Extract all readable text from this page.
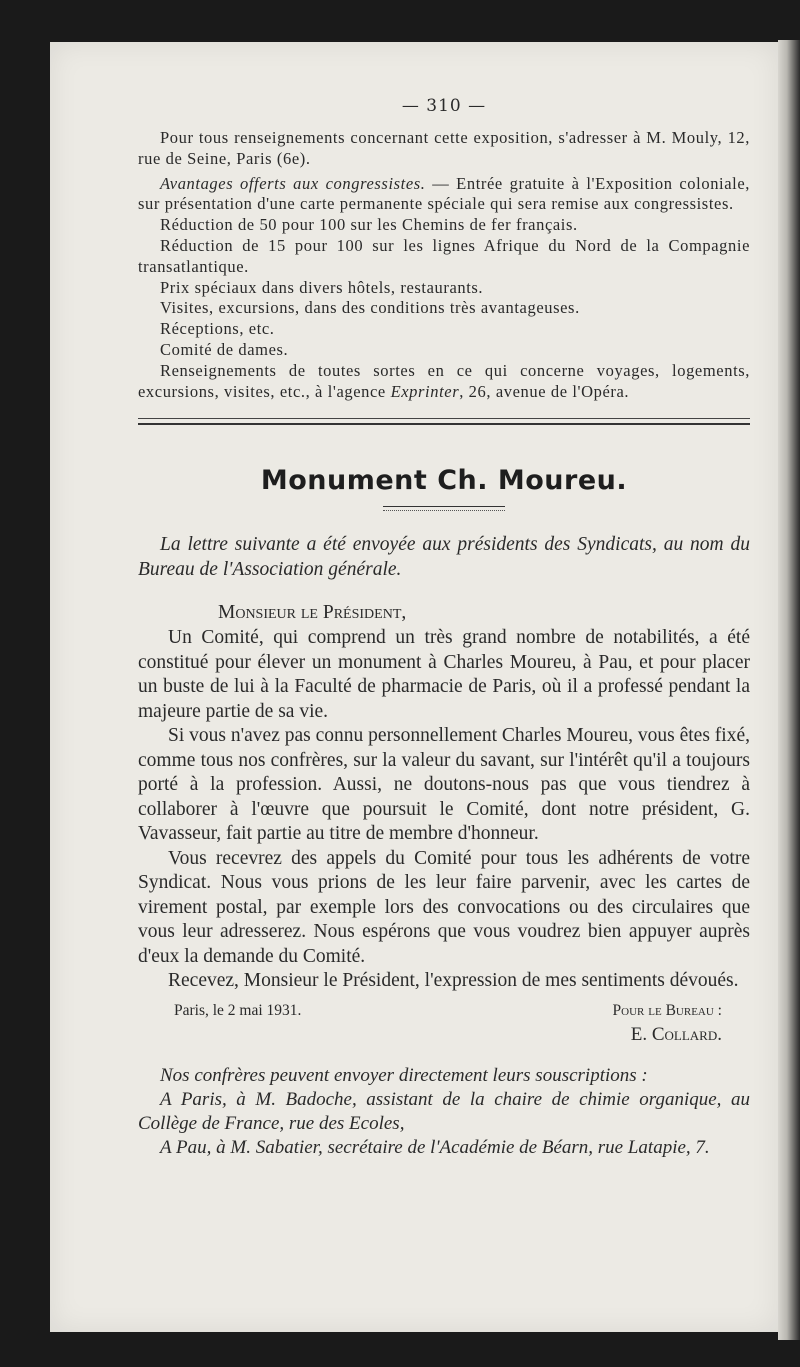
— 310 —

Pour tous renseignements concernant cette exposition, s'adresser à M. Mouly, 12, rue de Seine, Paris (6e).

Avantages offerts aux congressistes. — Entrée gratuite à l'Exposition coloniale, sur présentation d'une carte permanente spéciale qui sera remise aux congressistes.

Réduction de 50 pour 100 sur les Chemins de fer français.

Réduction de 15 pour 100 sur les lignes Afrique du Nord de la Compagnie transatlantique.

Prix spéciaux dans divers hôtels, restaurants.

Visites, excursions, dans des conditions très avantageuses.

Réceptions, etc.

Comité de dames.

Renseignements de toutes sortes en ce qui concerne voyages, logements, excursions, visites, etc., à l'agence Exprinter, 26, avenue de l'Opéra.

Monument Ch. Moureu.

La lettre suivante a été envoyée aux présidents des Syndicats, au nom du Bureau de l'Association générale.

Monsieur le Président,

Un Comité, qui comprend un très grand nombre de notabilités, a été constitué pour élever un monument à Charles Moureu, à Pau, et pour placer un buste de lui à la Faculté de pharmacie de Paris, où il a professé pendant la majeure partie de sa vie.

Si vous n'avez pas connu personnellement Charles Moureu, vous êtes fixé, comme tous nos confrères, sur la valeur du savant, sur l'intérêt qu'il a toujours porté à la profession. Aussi, ne doutons-nous pas que vous tiendrez à collaborer à l'œuvre que poursuit le Comité, dont notre président, G. Vavasseur, fait partie au titre de membre d'honneur.

Vous recevrez des appels du Comité pour tous les adhérents de votre Syndicat. Nous vous prions de les leur faire parvenir, avec les cartes de virement postal, par exemple lors des convocations ou des circulaires que vous leur adresserez. Nous espérons que vous voudrez bien appuyer auprès d'eux la demande du Comité.

Recevez, Monsieur le Président, l'expression de mes sentiments dévoués.

Paris, le 2 mai 1931.	Pour le Bureau :
E. Collard.

Nos confrères peuvent envoyer directement leurs souscriptions :

A Paris, à M. Badoche, assistant de la chaire de chimie organique, au Collège de France, rue des Ecoles,

A Pau, à M. Sabatier, secrétaire de l'Académie de Béarn, rue Latapie, 7.
